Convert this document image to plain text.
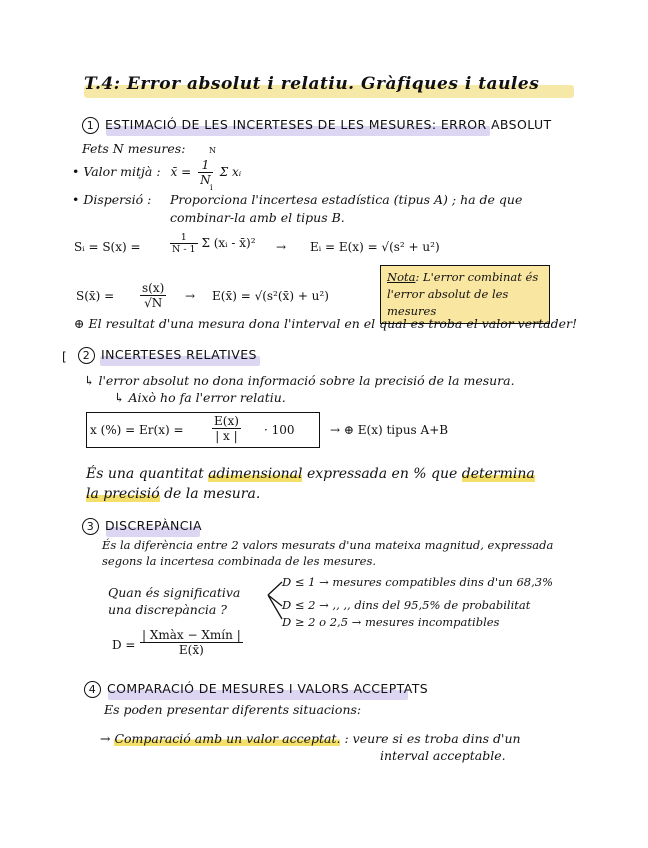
T.4: Error absolut i relatiu. Gràfiques i taules
1 ESTIMACIÓ DE LES INCERTESES DE LES MESURES: ERROR ABSOLUT
Fets N mesures:
• Valor mitjà : x̄ = $\frac{1}{N}$ Σ xᵢ
N
i
• Dispersió : Proporciona l'incertesa estadística (tipus A) ; ha de que
combinar-la amb el tipus B.
Sᵢ = S(x) =	$\frac{1}{N - 1}$ Σ (xᵢ - x̄)² → Eᵢ = E(x) = √(s² + u²)
Nota: L'error combinat és
l'error absolut de les mesures
S(x̄) = $\frac{s(x)}{√N}$ → E(x̄) = √(s²(x̄) + u²)
⊕ El resultat d'una mesura dona l'interval en el qual es troba el valor vertader!
[	2 INCERTESES RELATIVES
↳ l'error absolut no dona informació sobre la precisió de la mesura.
↳ Això ho fa l'error relatiu.
x (%) = $Er(x) = \frac{E(x)}{| x |} \cdot 100$	→ ⊕ E(x) tipus A+B
És una quantitat adimensional expressada en % que determina
la precisió de la mesura.
3 DISCREPÀNCIA
És la diferència entre 2 valors mesurats d'una mateixa magnitud, expressada
segons la incertesa combinada de les mesures.
Quan és significativa
una discrepància ?
D ≤ 1 → mesures compatibles dins d'un 68,3%
D ≤ 2 → ,, ,, dins del 95,5% de probabilitat
D ≥ 2 o 2,5 → mesures incompatibles
$D = \frac{\text{| Xmàx − Xmín |}}{E(x̄)}$
4 COMPARACIÓ DE MESURES I VALORS ACCEPTATS
Es poden presentar diferents situacions:
→ Comparació amb un valor acceptat. : veure si es troba dins d'un
interval acceptable.
